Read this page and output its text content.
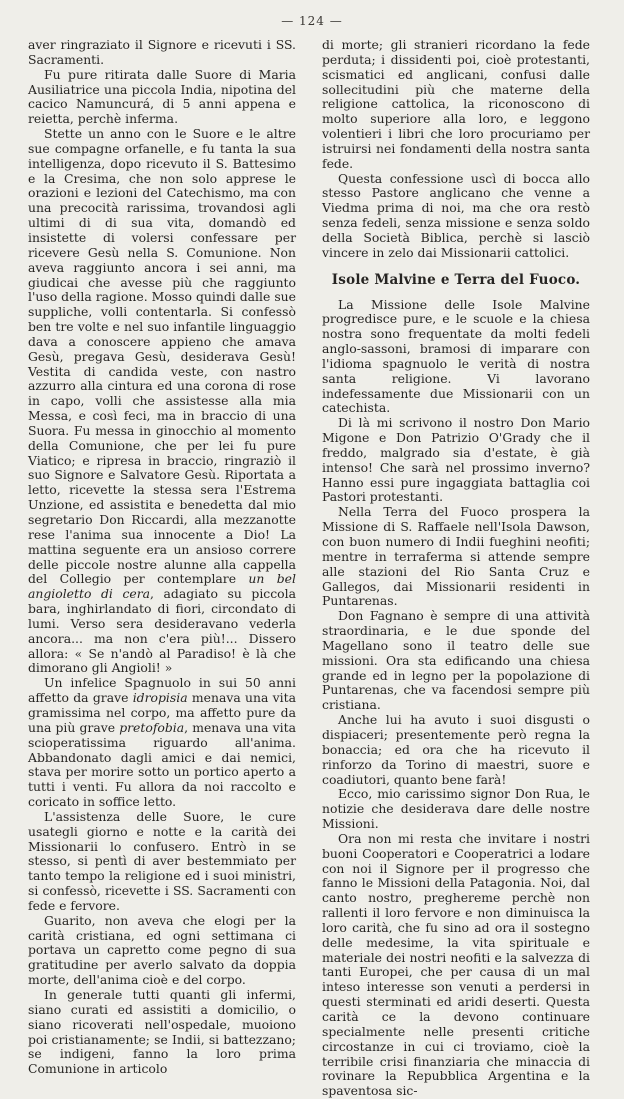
— 124 —

aver ringraziato il Signore e ricevuti i SS. Sacramenti.

Fu pure ritirata dalle Suore di Maria Ausiliatrice una piccola India, nipotina del cacico Namuncurá, di 5 anni appena e reietta, perchè inferma.

Stette un anno con le Suore e le altre sue compagne orfanelle, e fu tanta la sua intelligenza, dopo ricevuto il S. Battesimo e la Cresima, che non solo apprese le orazioni e lezioni del Catechismo, ma con una precocità rarissima, trovandosi agli ultimi di di sua vita, domandò ed insistette di volersi confessare per ricevere Gesù nella S. Comunione. Non aveva raggiunto ancora i sei anni, ma giudicai che avesse più che raggiunto l'uso della ragione. Mosso quindi dalle sue suppliche, volli contentarla. Si confessò ben tre volte e nel suo infantile linguaggio dava a conoscere appieno che amava Gesù, pregava Gesù, desiderava Gesù! Vestita di candida veste, con nastro azzurro alla cintura ed una corona di rose in capo, volli che assistesse alla mia Messa, e così feci, ma in braccio di una Suora. Fu messa in ginocchio al momento della Comunione, che per lei fu pure Viatico; e ripresa in braccio, ringraziò il suo Signore e Salvatore Gesù. Riportata a letto, ricevette la stessa sera l'Estrema Unzione, ed assistita e benedetta dal mio segretario Don Riccardi, alla mezzanotte rese l'anima sua innocente a Dio! La mattina seguente era un ansioso correre delle piccole nostre alunne alla cappella del Collegio per contemplare un bel angioletto di cera, adagiato su piccola bara, inghirlandato di fiori, circondato di lumi. Verso sera desideravano vederla ancora... ma non c'era più!... Dissero allora: « Se n'andò al Paradiso! è là che dimorano gli Angioli! »

Un infelice Spagnuolo in sui 50 anni affetto da grave idropisia menava una vita gramissima nel corpo, ma affetto pure da una più grave pretofobia, menava una vita scioperatissima riguardo all'anima. Abbandonato dagli amici e dai nemici, stava per morire sotto un portico aperto a tutti i venti. Fu allora da noi raccolto e coricato in soffice letto.

L'assistenza delle Suore, le cure usategli giorno e notte e la carità dei Missionarii lo confusero. Entrò in se stesso, si pentì di aver bestemmiato per tanto tempo la religione ed i suoi ministri, si confessò, ricevette i SS. Sacramenti con fede e fervore.

Guarito, non aveva che elogi per la carità cristiana, ed ogni settimana ci portava un capretto come pegno di sua gratitudine per averlo salvato da doppia morte, dell'anima cioè e del corpo.

In generale tutti quanti gli infermi, siano curati ed assistiti a domicilio, o siano ricoverati nell'ospedale, muoiono poi cristianamente; se Indii, si battezzano; se indigeni, fanno la loro prima Comunione in articolo

di morte; gli stranieri ricordano la fede perduta; i dissidenti poi, cioè protestanti, scismatici ed anglicani, confusi dalle sollecitudini più che materne della religione cattolica, la riconoscono di molto superiore alla loro, e leggono volentieri i libri che loro procuriamo per istruirsi nei fondamenti della nostra santa fede.

Questa confessione uscì di bocca allo stesso Pastore anglicano che venne a Viedma prima di noi, ma che ora restò senza fedeli, senza missione e senza soldo della Società Biblica, perchè si lasciò vincere in zelo dai Missionarii cattolici.

Isole Malvine e Terra del Fuoco.

La Missione delle Isole Malvine progredisce pure, e le scuole e la chiesa nostra sono frequentate da molti fedeli anglo-sassoni, bramosi di imparare con l'idioma spagnuolo le verità di nostra santa religione. Vi lavorano indefessamente due Missionarii con un catechista.

Di là mi scrivono il nostro Don Mario Migone e Don Patrizio O'Grady che il freddo, malgrado sia d'estate, è già intenso! Che sarà nel prossimo inverno? Hanno essi pure ingaggiata battaglia coi Pastori protestanti.

Nella Terra del Fuoco prospera la Missione di S. Raffaele nell'Isola Dawson, con buon numero di Indii fueghini neofiti; mentre in terraferma si attende sempre alle stazioni del Rio Santa Cruz e Gallegos, dai Missionarii residenti in Puntarenas.

Don Fagnano è sempre di una attività straordinaria, e le due sponde del Magellano sono il teatro delle sue missioni. Ora sta edificando una chiesa grande ed in legno per la popolazione di Puntarenas, che va facendosi sempre più cristiana.

Anche lui ha avuto i suoi disgusti o dispiaceri; presentemente però regna la bonaccia; ed ora che ha ricevuto il rinforzo da Torino di maestri, suore e coadiutori, quanto bene farà!

Ecco, mio carissimo signor Don Rua, le notizie che desiderava dare delle nostre Missioni.

Ora non mi resta che invitare i nostri buoni Cooperatori e Cooperatrici a lodare con noi il Signore per il progresso che fanno le Missioni della Patagonia. Noi, dal canto nostro, preghereme perchè non rallenti il loro fervore e non diminuisca la loro carità, che fu sino ad ora il sostegno delle medesime, la vita spirituale e materiale dei nostri neofiti e la salvezza di tanti Europei, che per causa di un mal inteso interesse son venuti a perdersi in questi sterminati ed aridi deserti. Questa carità ce la devono continuare specialmente nelle presenti critiche circostanze in cui ci troviamo, cioè la terribile crisi finanziaria che minaccia di rovinare la Repubblica Argentina e la spaventosa sic-
